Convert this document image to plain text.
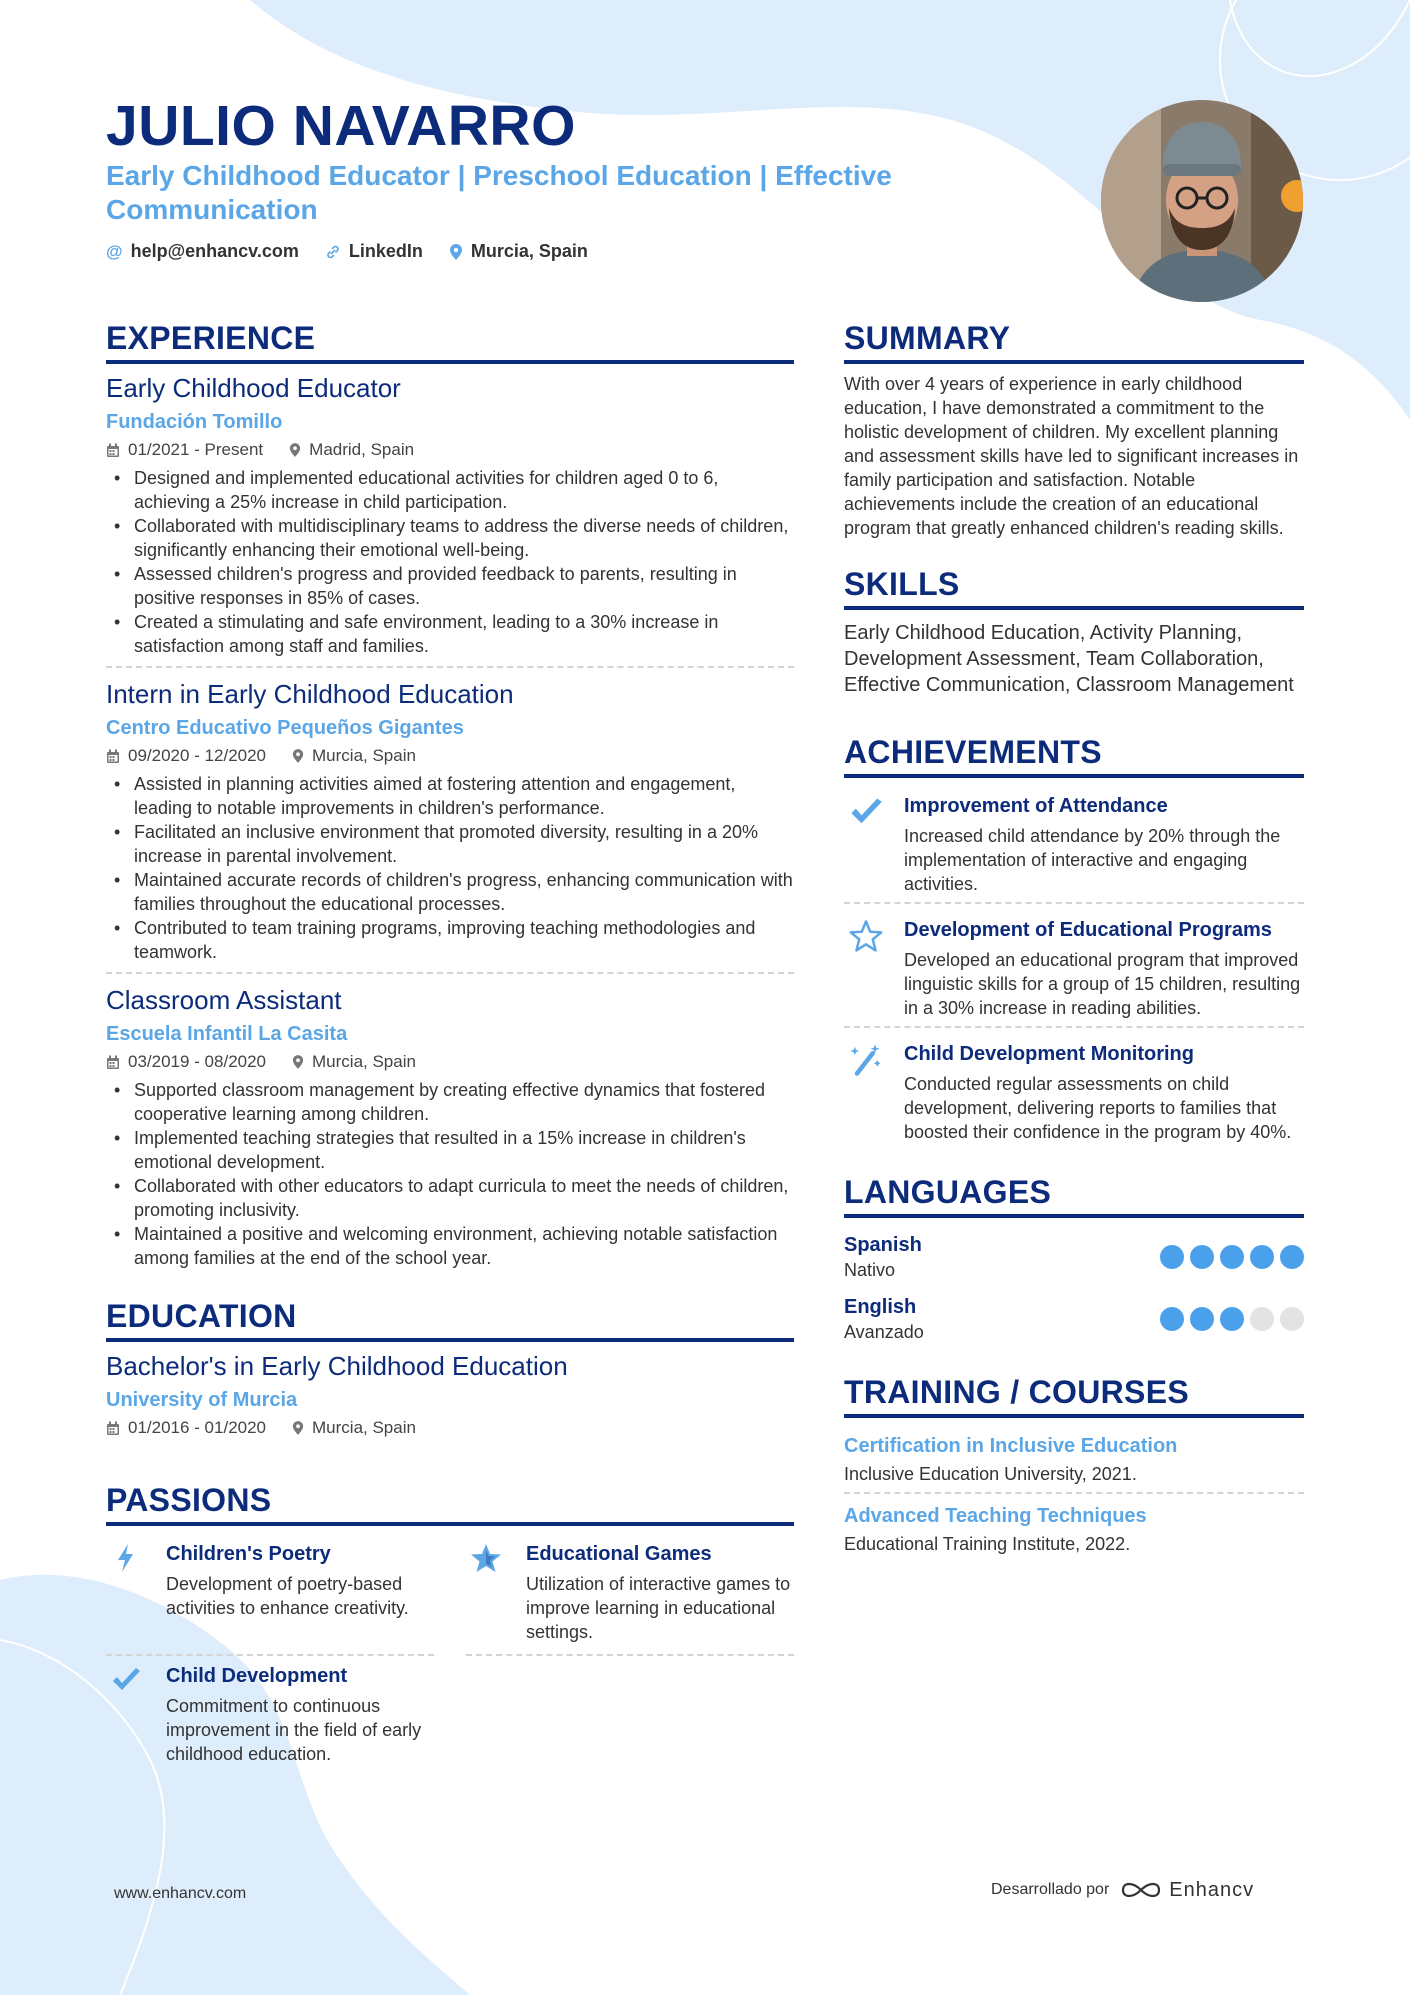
JULIO NAVARRO
Early Childhood Educator | Preschool Education | Effective Communication
@ help@enhancv.com	LinkedIn	Murcia, Spain
EXPERIENCE
Early Childhood Educator
Fundación Tomillo
01/2021 - Present	Madrid, Spain
• Designed and implemented educational activities for children aged 0 to 6, achieving a 25% increase in child participation.
• Collaborated with multidisciplinary teams to address the diverse needs of children, significantly enhancing their emotional well-being.
• Assessed children's progress and provided feedback to parents, resulting in positive responses in 85% of cases.
• Created a stimulating and safe environment, leading to a 30% increase in satisfaction among staff and families.
Intern in Early Childhood Education
Centro Educativo Pequeños Gigantes
09/2020 - 12/2020	Murcia, Spain
• Assisted in planning activities aimed at fostering attention and engagement, leading to notable improvements in children's performance.
• Facilitated an inclusive environment that promoted diversity, resulting in a 20% increase in parental involvement.
• Maintained accurate records of children's progress, enhancing communication with families throughout the educational processes.
• Contributed to team training programs, improving teaching methodologies and teamwork.
Classroom Assistant
Escuela Infantil La Casita
03/2019 - 08/2020	Murcia, Spain
• Supported classroom management by creating effective dynamics that fostered cooperative learning among children.
• Implemented teaching strategies that resulted in a 15% increase in children's emotional development.
• Collaborated with other educators to adapt curricula to meet the needs of children, promoting inclusivity.
• Maintained a positive and welcoming environment, achieving notable satisfaction among families at the end of the school year.
EDUCATION
Bachelor's in Early Childhood Education
University of Murcia
01/2016 - 01/2020	Murcia, Spain
PASSIONS
Children's Poetry
Development of poetry-based activities to enhance creativity.
Educational Games
Utilization of interactive games to improve learning in educational settings.
Child Development
Commitment to continuous improvement in the field of early childhood education.
SUMMARY
With over 4 years of experience in early childhood education, I have demonstrated a commitment to the holistic development of children. My excellent planning and assessment skills have led to significant increases in family participation and satisfaction. Notable achievements include the creation of an educational program that greatly enhanced children's reading skills.
SKILLS
Early Childhood Education, Activity Planning, Development Assessment, Team Collaboration, Effective Communication, Classroom Management
ACHIEVEMENTS
Improvement of Attendance
Increased child attendance by 20% through the implementation of interactive and engaging activities.
Development of Educational Programs
Developed an educational program that improved linguistic skills for a group of 15 children, resulting in a 30% increase in reading abilities.
Child Development Monitoring
Conducted regular assessments on child development, delivering reports to families that boosted their confidence in the program by 40%.
LANGUAGES
Spanish
Nativo
English
Avanzado
TRAINING / COURSES
Certification in Inclusive Education
Inclusive Education University, 2021.
Advanced Teaching Techniques
Educational Training Institute, 2022.
www.enhancv.com	Desarrollado por	Enhancv
